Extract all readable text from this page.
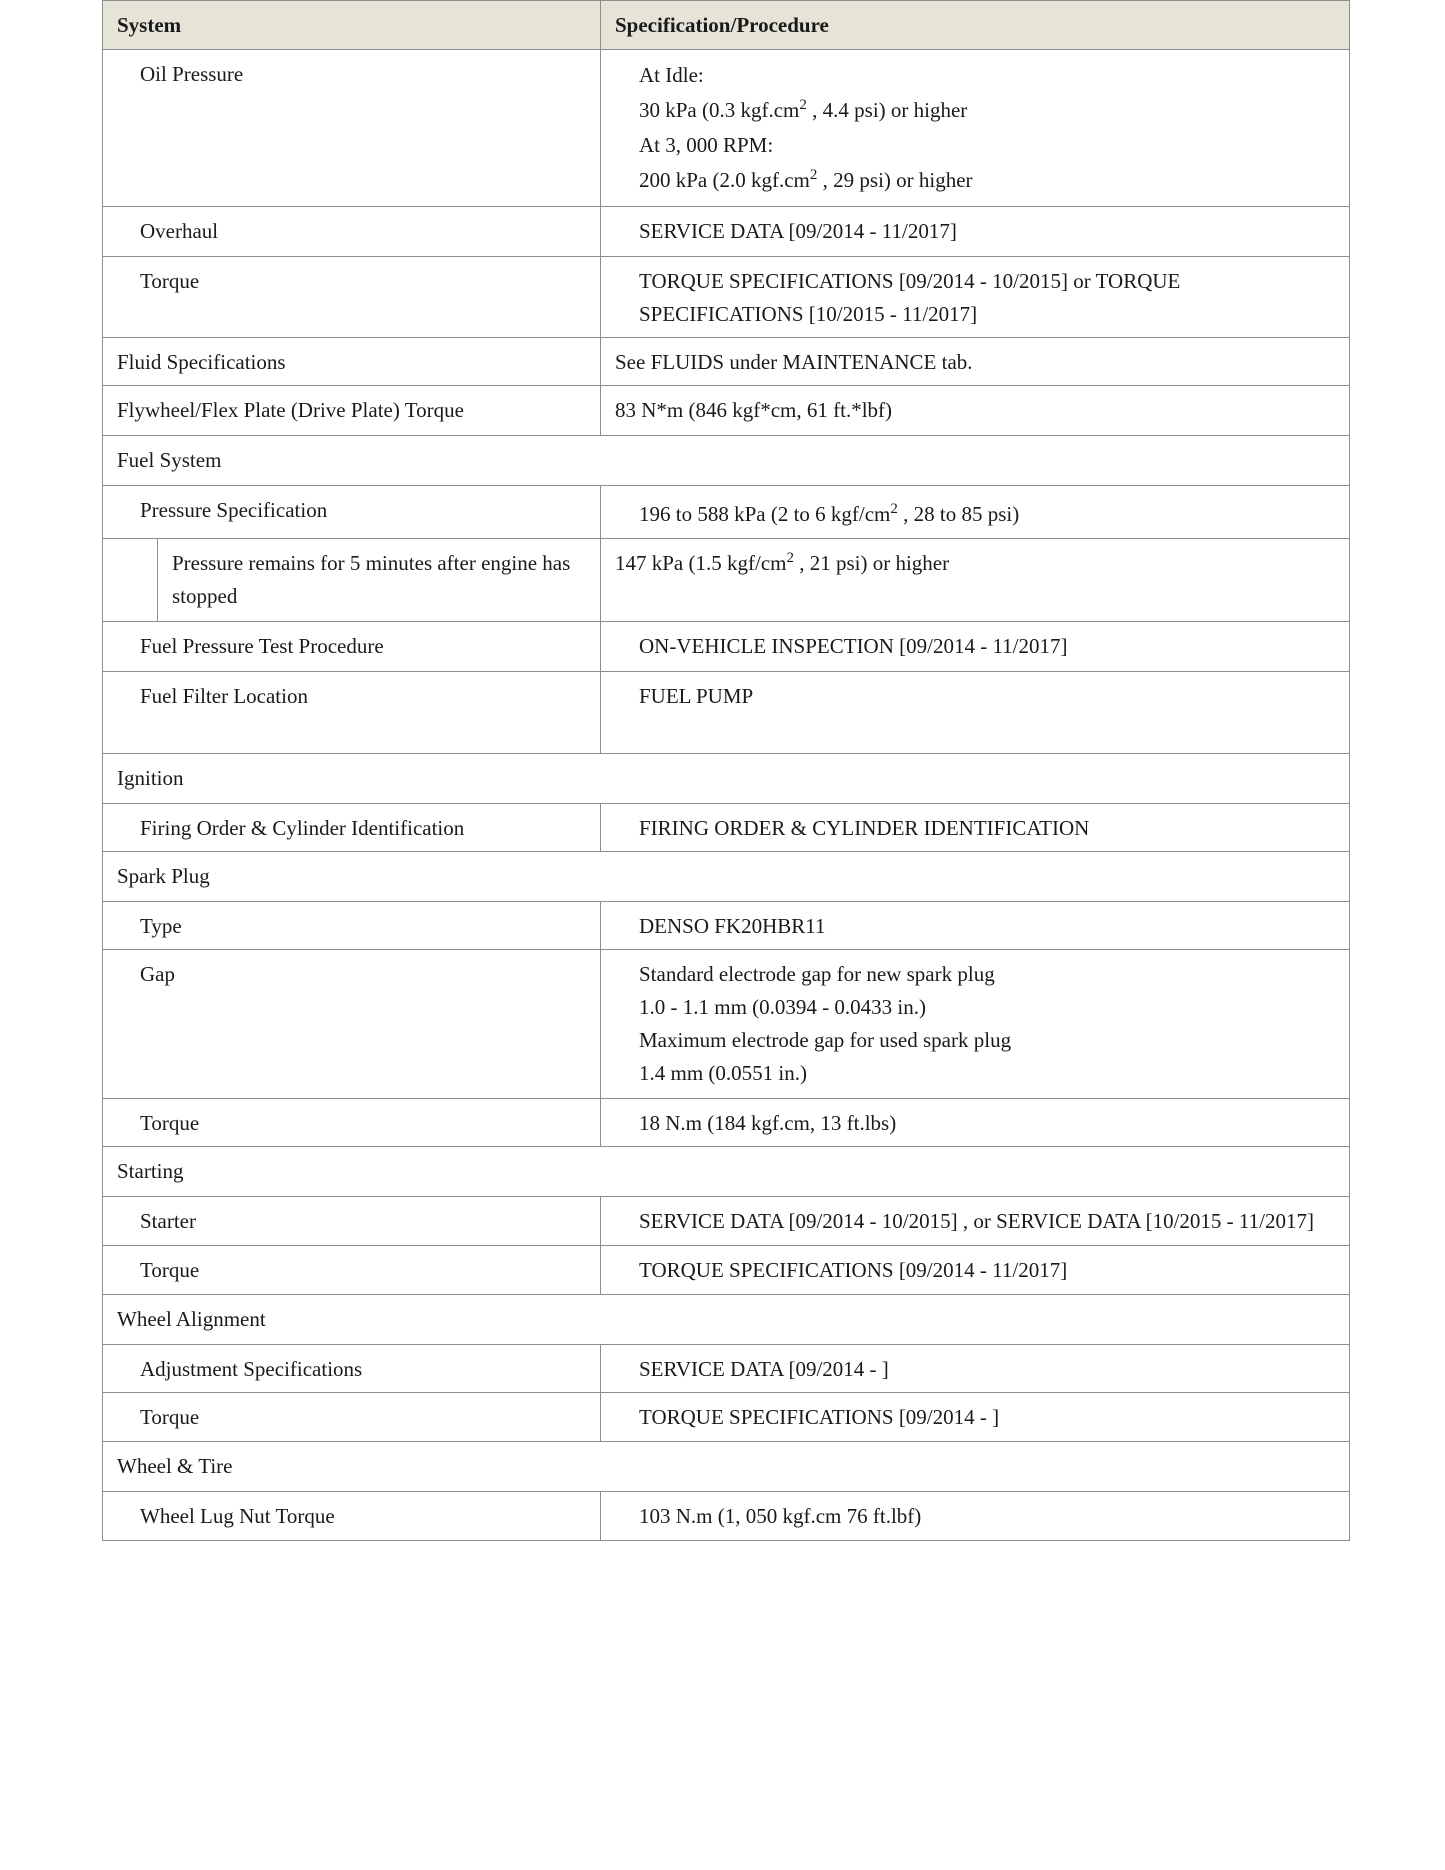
System	Specification/Procedure

Oil Pressure	At Idle:
30 kPa (0.3 $kgf.cm^2$ , 4.4 psi) or higher
At 3, 000 RPM:
200 kPa (2.0 $kgf.cm^2$ , 29 psi) or higher

Overhaul	SERVICE DATA [09/2014 - 11/2017]

Torque	TORQUE SPECIFICATIONS [09/2014 - 10/2015] or TORQUE
SPECIFICATIONS [10/2015 - 11/2017]

Fluid Specifications	See FLUIDS under MAINTENANCE tab.

Flywheel/Flex Plate (Drive Plate) Torque	83 N*m (846 kgf*cm, 61 ft.*lbf)

Fuel System	

Pressure Specification	196 to 588 kPa (2 to 6 kgf/$cm^2$ , 28 to 85 psi)

Pressure remains for 5 minutes after engine has stopped	147 kPa (1.5 kgf/$cm^2$ , 21 psi) or higher

Fuel Pressure Test Procedure	ON-VEHICLE INSPECTION [09/2014 - 11/2017]

Fuel Filter Location	FUEL PUMP

Ignition	

Firing Order & Cylinder Identification	FIRING ORDER & CYLINDER IDENTIFICATION

Spark Plug	

Type	DENSO FK20HBR11

Gap	Standard electrode gap for new spark plug
1.0 - 1.1 mm (0.0394 - 0.0433 in.)
Maximum electrode gap for used spark plug
1.4 mm (0.0551 in.)

Torque	18 N.m (184 kgf.cm, 13 ft.lbs)

Starting	

Starter	SERVICE DATA [09/2014 - 10/2015] , or SERVICE DATA [10/2015 - 11/2017]

Torque	TORQUE SPECIFICATIONS [09/2014 - 11/2017]

Wheel Alignment	

Adjustment Specifications	SERVICE DATA [09/2014 - ]

Torque	TORQUE SPECIFICATIONS [09/2014 - ]

Wheel & Tire	

Wheel Lug Nut Torque	103 N.m (1, 050 kgf.cm 76 ft.lbf)
